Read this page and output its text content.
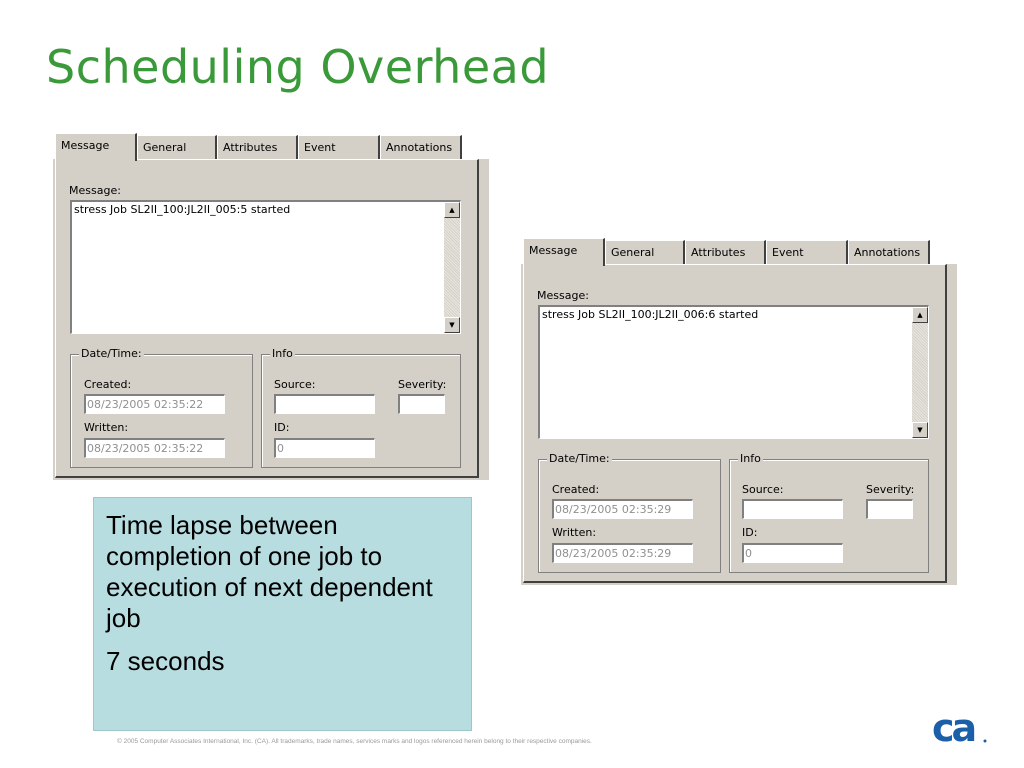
Scheduling Overhead
Message	General	Attributes	Event	Annotations
Message:
stress Job SL2II_100:JL2II_005:5 started	▲
▼
Date/Time:
Created:
08/23/2005 02:35:22
Written:
08/23/2005 02:35:22
Info
Source:	Severity:
ID:
0
Message	General	Attributes	Event	Annotations
Message:
stress Job SL2II_100:JL2II_006:6 started	▲
▼
Date/Time:
Created:
08/23/2005 02:35:29
Written:
08/23/2005 02:35:29
Info
Source:	Severity:
ID:
0

Time lapse between completion of one job to execution of next dependent job

7 seconds

© 2005 Computer Associates International, Inc. (CA). All trademarks, trade names, services marks and logos referenced herein belong to their respective companies.	ca
